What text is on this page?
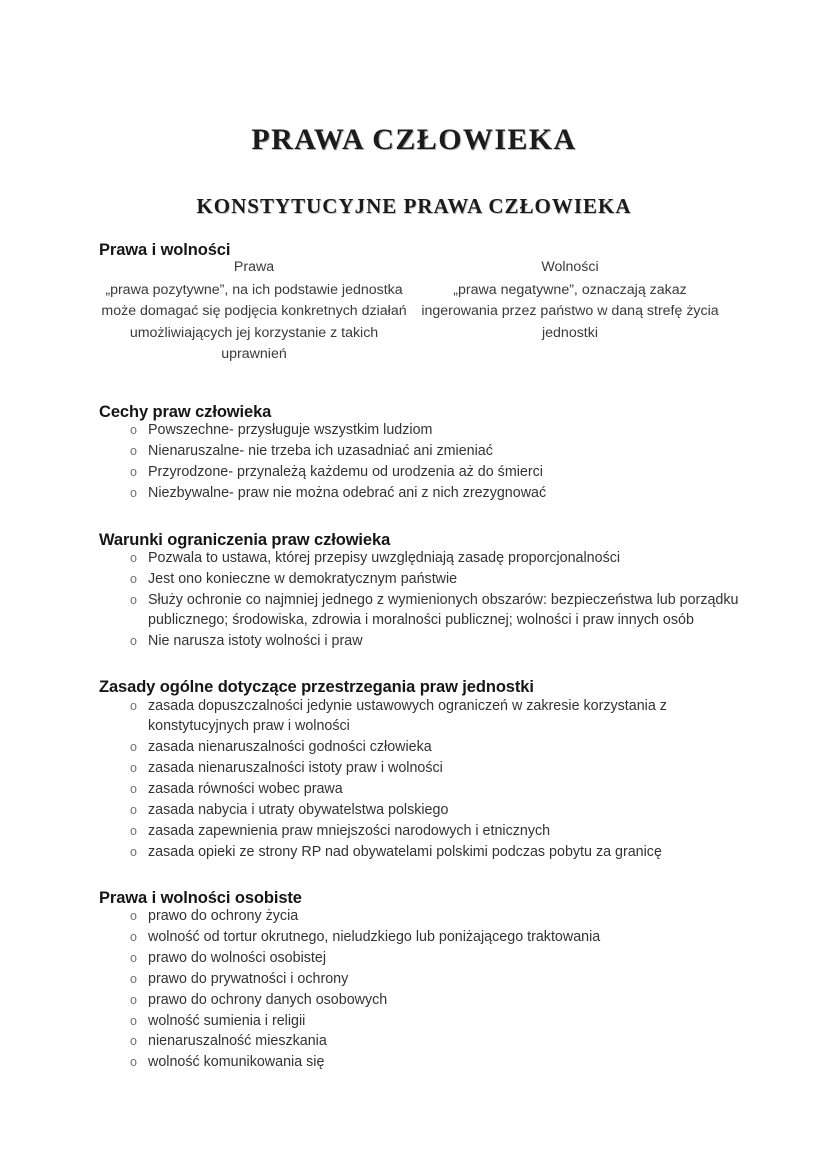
PRAWA CZŁOWIEKA
KONSTYTUCYJNE PRAWA CZŁOWIEKA
Prawa i wolności
Prawa
„prawa pozytywne”, na ich podstawie jednostka może domagać się podjęcia konkretnych działań umożliwiających jej korzystanie z takich uprawnień
Wolności
„prawa negatywne”, oznaczają zakaz ingerowania przez państwo w daną strefę życia jednostki
Cechy praw człowieka
o Powszechne- przysługuje wszystkim ludziom
o Nienaruszalne- nie trzeba ich uzasadniać ani zmieniać
o Przyrodzone- przynależą każdemu od urodzenia aż do śmierci
o Niezbywalne- praw nie można odebrać ani z nich zrezygnować
Warunki ograniczenia praw człowieka
o Pozwala to ustawa, której przepisy uwzględniają zasadę proporcjonalności
o Jest ono konieczne w demokratycznym państwie
o Służy ochronie co najmniej jednego z wymienionych obszarów: bezpieczeństwa lub porządku publicznego; środowiska, zdrowia i moralności publicznej; wolności i praw innych osób
o Nie narusza istoty wolności i praw
Zasady ogólne dotyczące przestrzegania praw jednostki
o zasada dopuszczalności jedynie ustawowych ograniczeń w zakresie korzystania z konstytucyjnych praw i wolności
o zasada nienaruszalności godności człowieka
o zasada nienaruszalności istoty praw i wolności
o zasada równości wobec prawa
o zasada nabycia i utraty obywatelstwa polskiego
o zasada zapewnienia praw mniejszości narodowych i etnicznych
o zasada opieki ze strony RP nad obywatelami polskimi podczas pobytu za granicę
Prawa i wolności osobiste
o prawo do ochrony życia
o wolność od tortur okrutnego, nieludzkiego lub poniżającego traktowania
o prawo do wolności osobistej
o prawo do prywatności i ochrony
o prawo do ochrony danych osobowych
o wolność sumienia i religii
o nienaruszalność mieszkania
o wolność komunikowania się
